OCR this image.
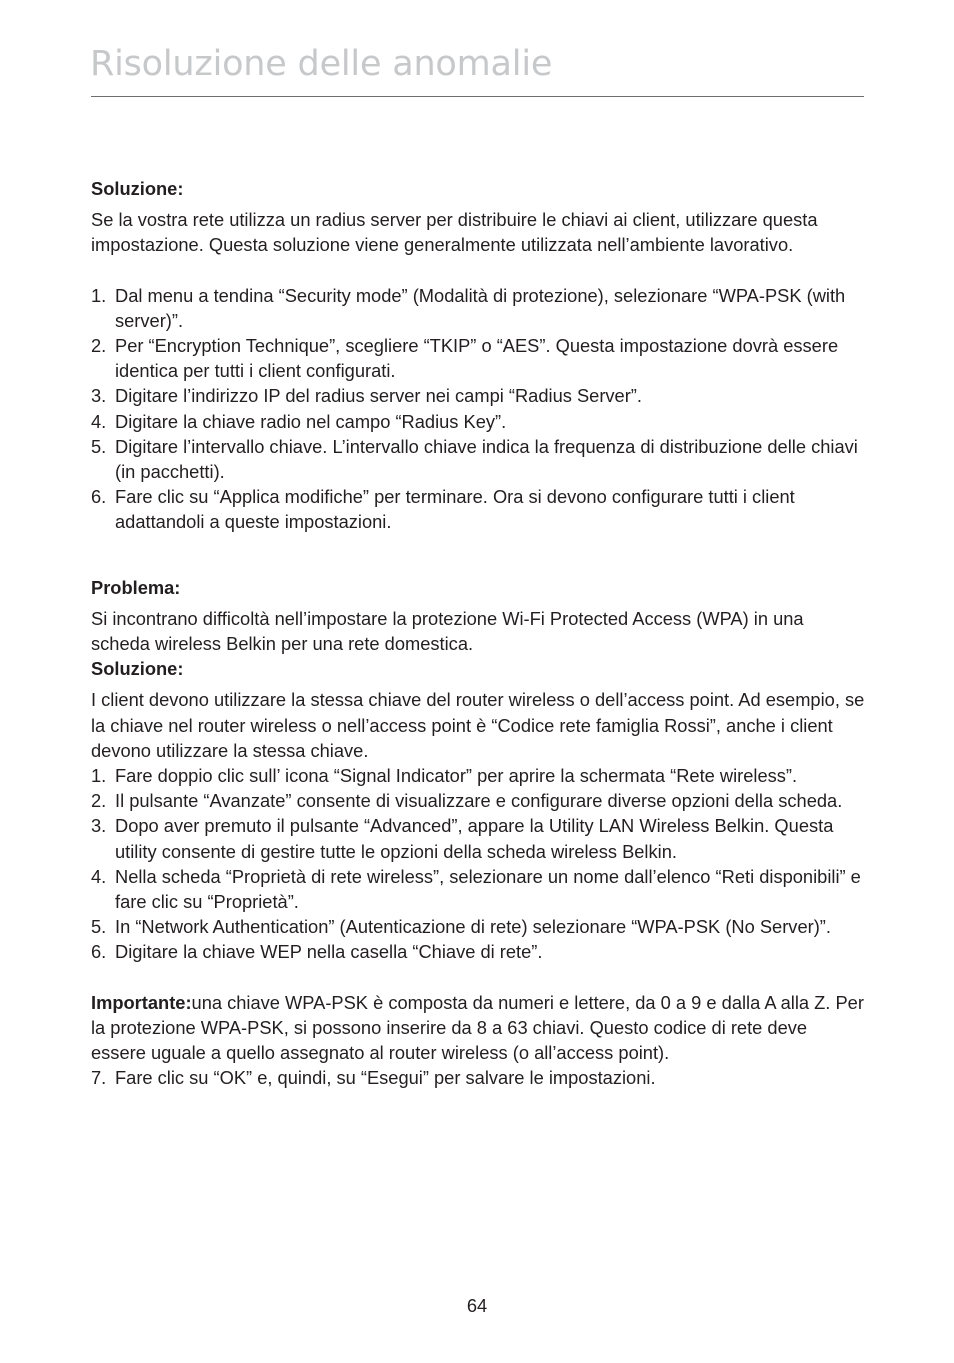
Risoluzione delle anomalie

Soluzione:

Se la vostra rete utilizza un radius server per distribuire le chiavi ai client, utilizzare questa impostazione. Questa soluzione viene generalmente utilizzata nell’ambiente lavorativo.

1. Dal menu a tendina “Security mode” (Modalità di protezione), selezionare “WPA-PSK (with server)”.
2. Per “Encryption Technique”, scegliere “TKIP” o “AES”. Questa impostazione dovrà essere identica per tutti i client configurati.
3. Digitare l’indirizzo IP del radius server nei campi “Radius Server”.
4. Digitare la chiave radio nel campo “Radius Key”.
5. Digitare l’intervallo chiave. L’intervallo chiave indica la frequenza di distribuzione delle chiavi (in pacchetti).
6. Fare clic su “Applica modifiche” per terminare. Ora si devono configurare tutti i client adattandoli a queste impostazioni.

Problema:

Si incontrano difficoltà nell’impostare la protezione Wi-Fi Protected Access (WPA) in una scheda wireless Belkin per una rete domestica.

Soluzione:

I client devono utilizzare la stessa chiave del router wireless o dell’access point. Ad esempio, se la chiave nel router wireless o nell’access point è “Codice rete famiglia Rossi”, anche i client devono utilizzare la stessa chiave.

1. Fare doppio clic sull’ icona “Signal Indicator” per aprire la schermata “Rete wireless”.
2. Il pulsante “Avanzate” consente di visualizzare e configurare diverse opzioni della scheda.
3. Dopo aver premuto il pulsante “Advanced”, appare la Utility LAN Wireless Belkin. Questa utility consente di gestire tutte le opzioni della scheda wireless Belkin.
4. Nella scheda “Proprietà di rete wireless”, selezionare un nome dall’elenco “Reti disponibili” e fare clic su “Proprietà”.
5. In “Network Authentication” (Autenticazione di rete) selezionare “WPA-PSK (No Server)”.
6. Digitare la chiave WEP nella casella “Chiave di rete”.

Importante:una chiave WPA-PSK è composta da numeri e lettere, da 0 a 9 e dalla A alla Z. Per la protezione WPA-PSK, si possono inserire da 8 a 63 chiavi. Questo codice di rete deve essere uguale a quello assegnato al router wireless (o all’access point).

7. Fare clic su “OK” e, quindi, su “Esegui” per salvare le impostazioni.
64
